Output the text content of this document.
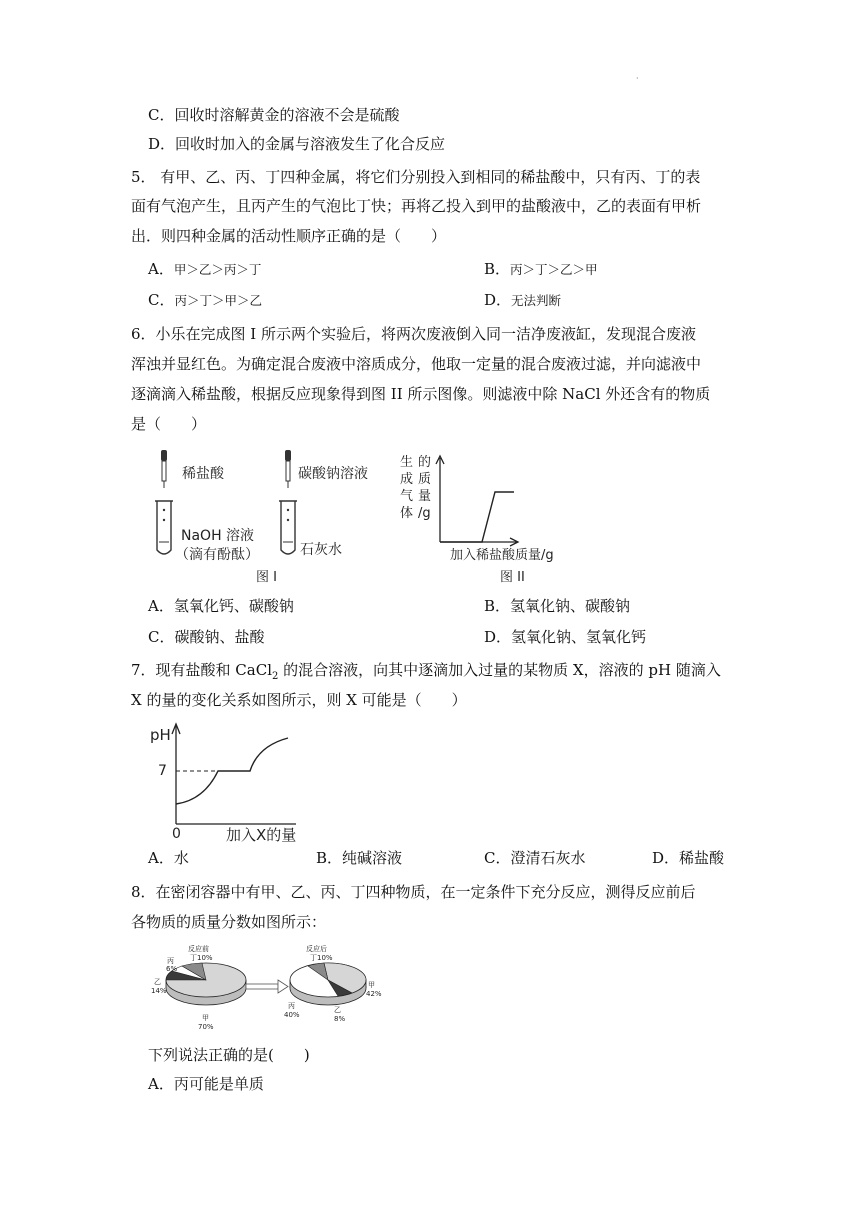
·
C．回收时溶解黄金的溶液不会是硫酸
D．回收时加入的金属与溶液发生了化合反应
5． 有甲、乙、丙、丁四种金属，将它们分别投入到相同的稀盐酸中，只有丙、丁的表
面有气泡产生，且丙产生的气泡比丁快；再将乙投入到甲的盐酸液中，乙的表面有甲析
出．则四种金属的活动性顺序正确的是（　　）
A．甲＞乙＞丙＞丁	B．丙＞丁＞乙＞甲
C．丙＞丁＞甲＞乙	D．无法判断
6．小乐在完成图 I 所示两个实验后，将两次废液倒入同一洁净废液缸，发现混合废液
浑浊并显红色。为确定混合废液中溶质成分，他取一定量的混合废液过滤，并向滤液中
逐滴滴入稀盐酸，根据反应现象得到图 II 所示图像。则滤液中除 NaCl 外还含有的物质
是（　　）
稀盐酸
NaOH 溶液
（滴有酚酞）
碳酸钠溶液
石灰水
图 I
生
成
气
体
的
质
量
/g
加入稀盐酸质量/g
图 II
A．氢氧化钙、碳酸钠	B．氢氧化钠、碳酸钠
C．碳酸钠、盐酸	D．氢氧化钠、氢氧化钙
7．现有盐酸和 CaCl$_2$ 的混合溶液，向其中逐滴加入过量的某物质 X，溶液的 pH 随滴入
X 的量的变化关系如图所示，则 X 可能是（　　）
pH
7
0	加入X的量
A．水	B．纯碱溶液	C．澄清石灰水	D．稀盐酸
8．在密闭容器中有甲、乙、丙、丁四种物质，在一定条件下充分反应，测得反应前后
各物质的质量分数如图所示：
反应前
丁10%
丙
6%
乙
14%
甲
70%
反应后
丁10%
甲
42%
丙
40%
乙
8%
下列说法正确的是(　　)
A．丙可能是单质
